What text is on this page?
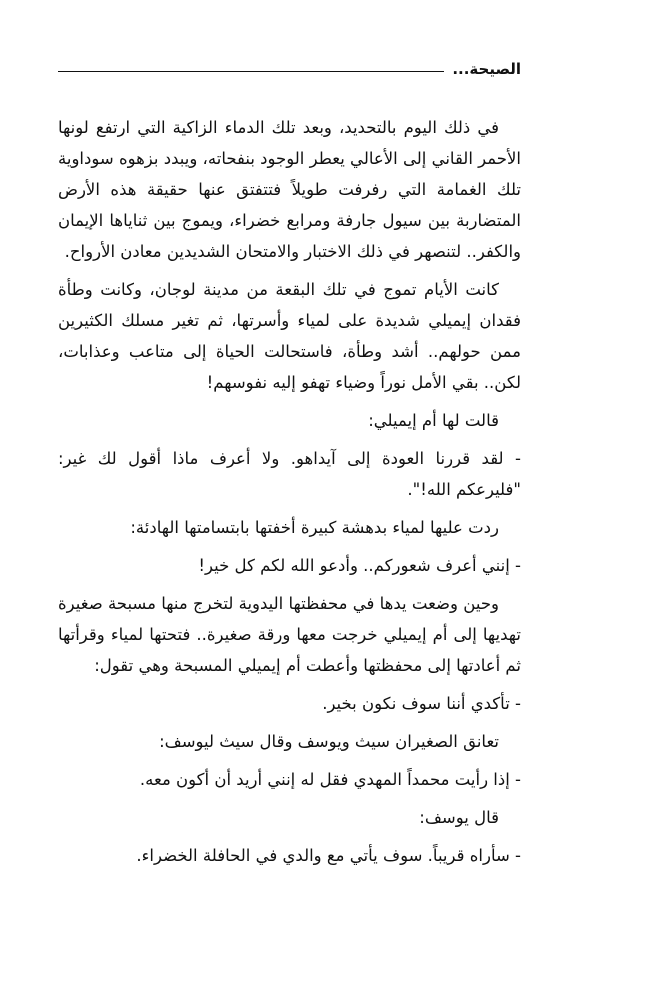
الصيحة...

في ذلك اليوم بالتحديد، وبعد تلك الدماء الزاكية التي ارتفع لونها الأحمر القاني إلى الأعالي يعطر الوجود بنفحاته، ويبدد بزهوه سوداوية تلك الغمامة التي رفرفت طويلاً فتتفتق عنها حقيقة هذه الأرض المتضاربة بين سيول جارفة ومرابع خضراء، ويموج بين ثناياها الإيمان والكفر.. لتنصهر في ذلك الاختبار والامتحان الشديدين معادن الأرواح.

كانت الأيام تموج في تلك البقعة من مدينة لوجان، وكانت وطأة فقدان إيميلي شديدة على لمياء وأسرتها، ثم تغير مسلك الكثيرين ممن حولهم.. أشد وطأة، فاستحالت الحياة إلى متاعب وعذابات، لكن.. بقي الأمل نوراً وضياء تهفو إليه نفوسهم!

قالت لها أم إيميلي:

- لقد قررنا العودة إلى آيداهو. ولا أعرف ماذا أقول لك غير: "فليرعكم الله!".

ردت عليها لمياء بدهشة كبيرة أخفتها بابتسامتها الهادئة:

- إنني أعرف شعوركم.. وأدعو الله لكم كل خير!

وحين وضعت يدها في محفظتها اليدوية لتخرج منها مسبحة صغيرة تهديها إلى أم إيميلي خرجت معها ورقة صغيرة.. فتحتها لمياء وقرأتها ثم أعادتها إلى محفظتها وأعطت أم إيميلي المسبحة وهي تقول:

- تأكدي أننا سوف نكون بخير.

تعانق الصغيران سيث ويوسف وقال سيث ليوسف:

- إذا رأيت محمداً المهدي فقل له إنني أريد أن أكون معه.

قال يوسف:

- سأراه قريباً. سوف يأتي مع والدي في الحافلة الخضراء.
